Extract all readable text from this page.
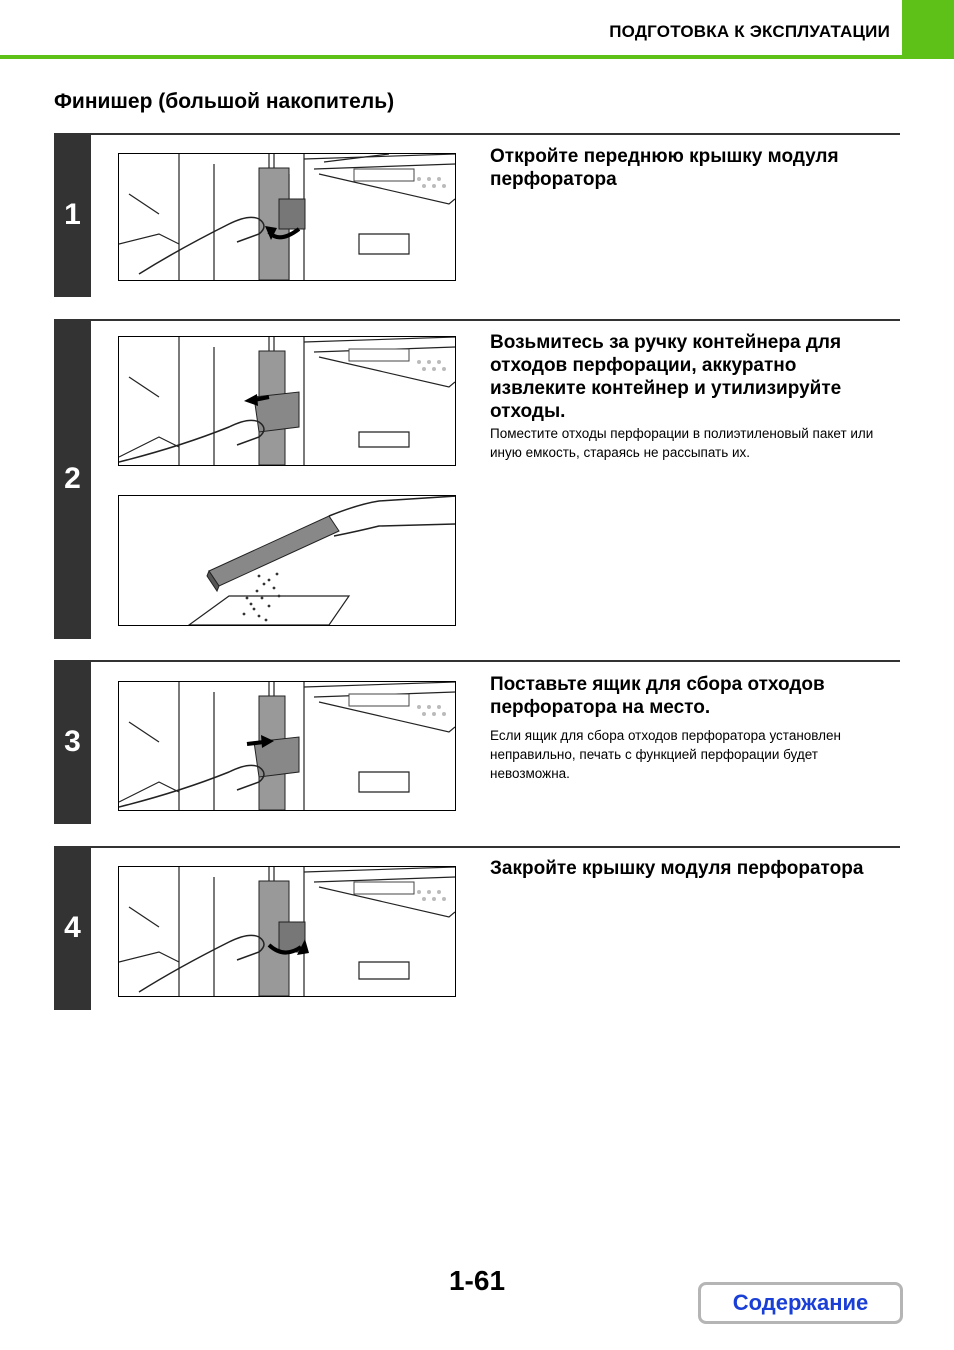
ПОДГОТОВКА К ЭКСПЛУАТАЦИИ
Финишер (большой накопитель)
1
Откройте переднюю крышку модуля перфоратора
2
Возьмитесь за ручку контейнера для отходов перфорации, аккуратно извлеките контейнер и утилизируйте отходы.
Поместите отходы перфорации в полиэтиленовый пакет или иную емкость, стараясь не рассыпать их.
3
Поставьте ящик для сбора отходов перфоратора на место.
Если ящик для сбора отходов перфоратора установлен неправильно, печать с функцией перфорации будет невозможна.
4
Закройте крышку модуля перфоратора
1-61
Содержание
